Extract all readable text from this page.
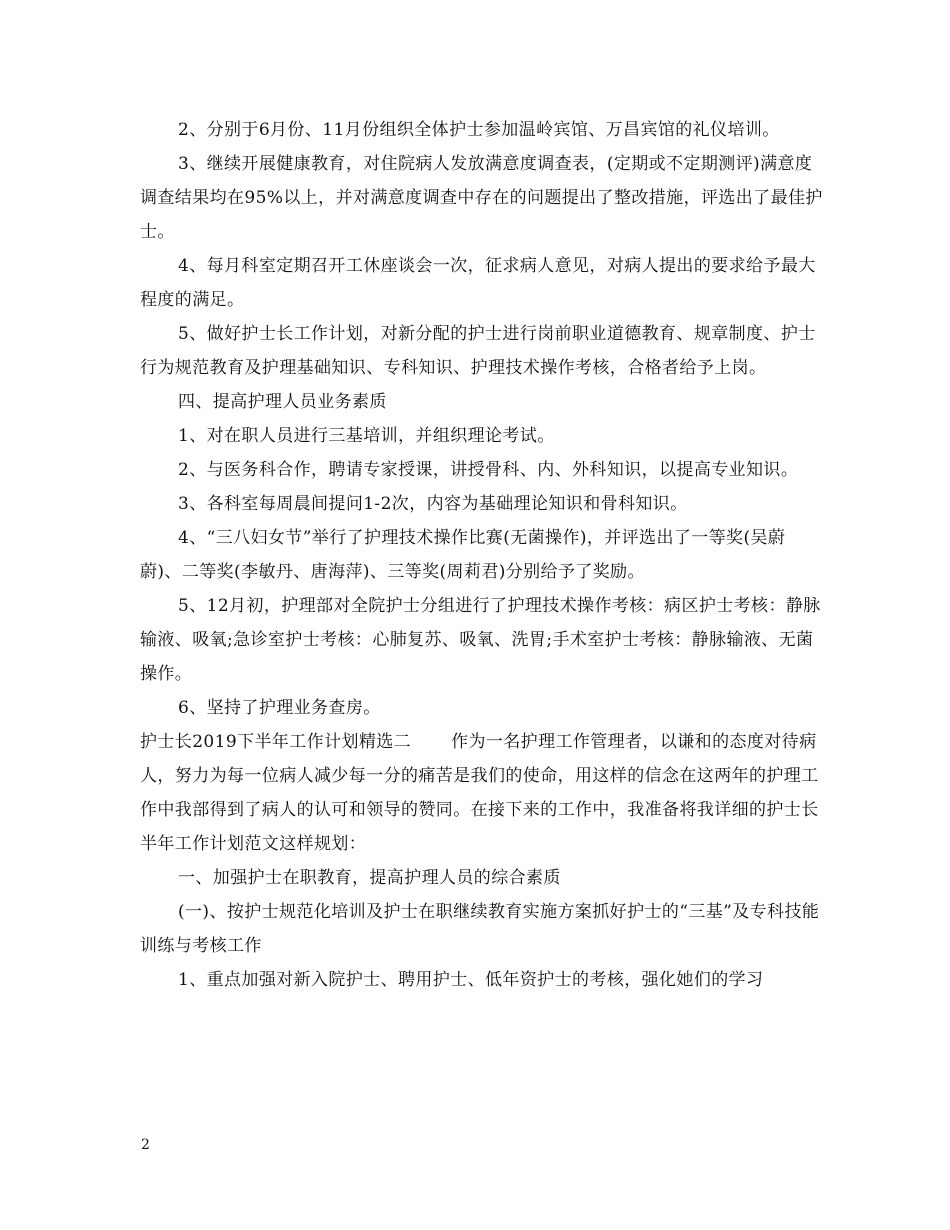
2、分别于6月份、11月份组织全体护士参加温岭宾馆、万昌宾馆的礼仪培训。

3、继续开展健康教育，对住院病人发放满意度调查表，(定期或不定期测评)满意度调查结果均在95%以上，并对满意度调查中存在的问题提出了整改措施，评选出了最佳护士。

4、每月科室定期召开工休座谈会一次，征求病人意见，对病人提出的要求给予最大程度的满足。

5、做好护士长工作计划，对新分配的护士进行岗前职业道德教育、规章制度、护士行为规范教育及护理基础知识、专科知识、护理技术操作考核，合格者给予上岗。

四、提高护理人员业务素质

1、对在职人员进行三基培训，并组织理论考试。

2、与医务科合作，聘请专家授课，讲授骨科、内、外科知识，以提高专业知识。

3、各科室每周晨间提问1-2次，内容为基础理论知识和骨科知识。

4、“三八妇女节”举行了护理技术操作比赛(无菌操作)，并评选出了一等奖(吴蔚蔚)、二等奖(李敏丹、唐海萍)、三等奖(周莉君)分别给予了奖励。

5、12月初，护理部对全院护士分组进行了护理技术操作考核：病区护士考核：静脉输液、吸氧;急诊室护士考核：心肺复苏、吸氧、洗胃;手术室护士考核：静脉输液、无菌操作。

6、坚持了护理业务查房。

护士长2019下半年工作计划精选二 作为一名护理工作管理者，以谦和的态度对待病人，努力为每一位病人减少每一分的痛苦是我们的使命，用这样的信念在这两年的护理工作中我部得到了病人的认可和领导的赞同。在接下来的工作中，我准备将我详细的护士长半年工作计划范文这样规划：

一、加强护士在职教育，提高护理人员的综合素质

(一)、按护士规范化培训及护士在职继续教育实施方案抓好护士的“三基”及专科技能训练与考核工作

1、重点加强对新入院护士、聘用护士、低年资护士的考核，强化她们的学习

2
